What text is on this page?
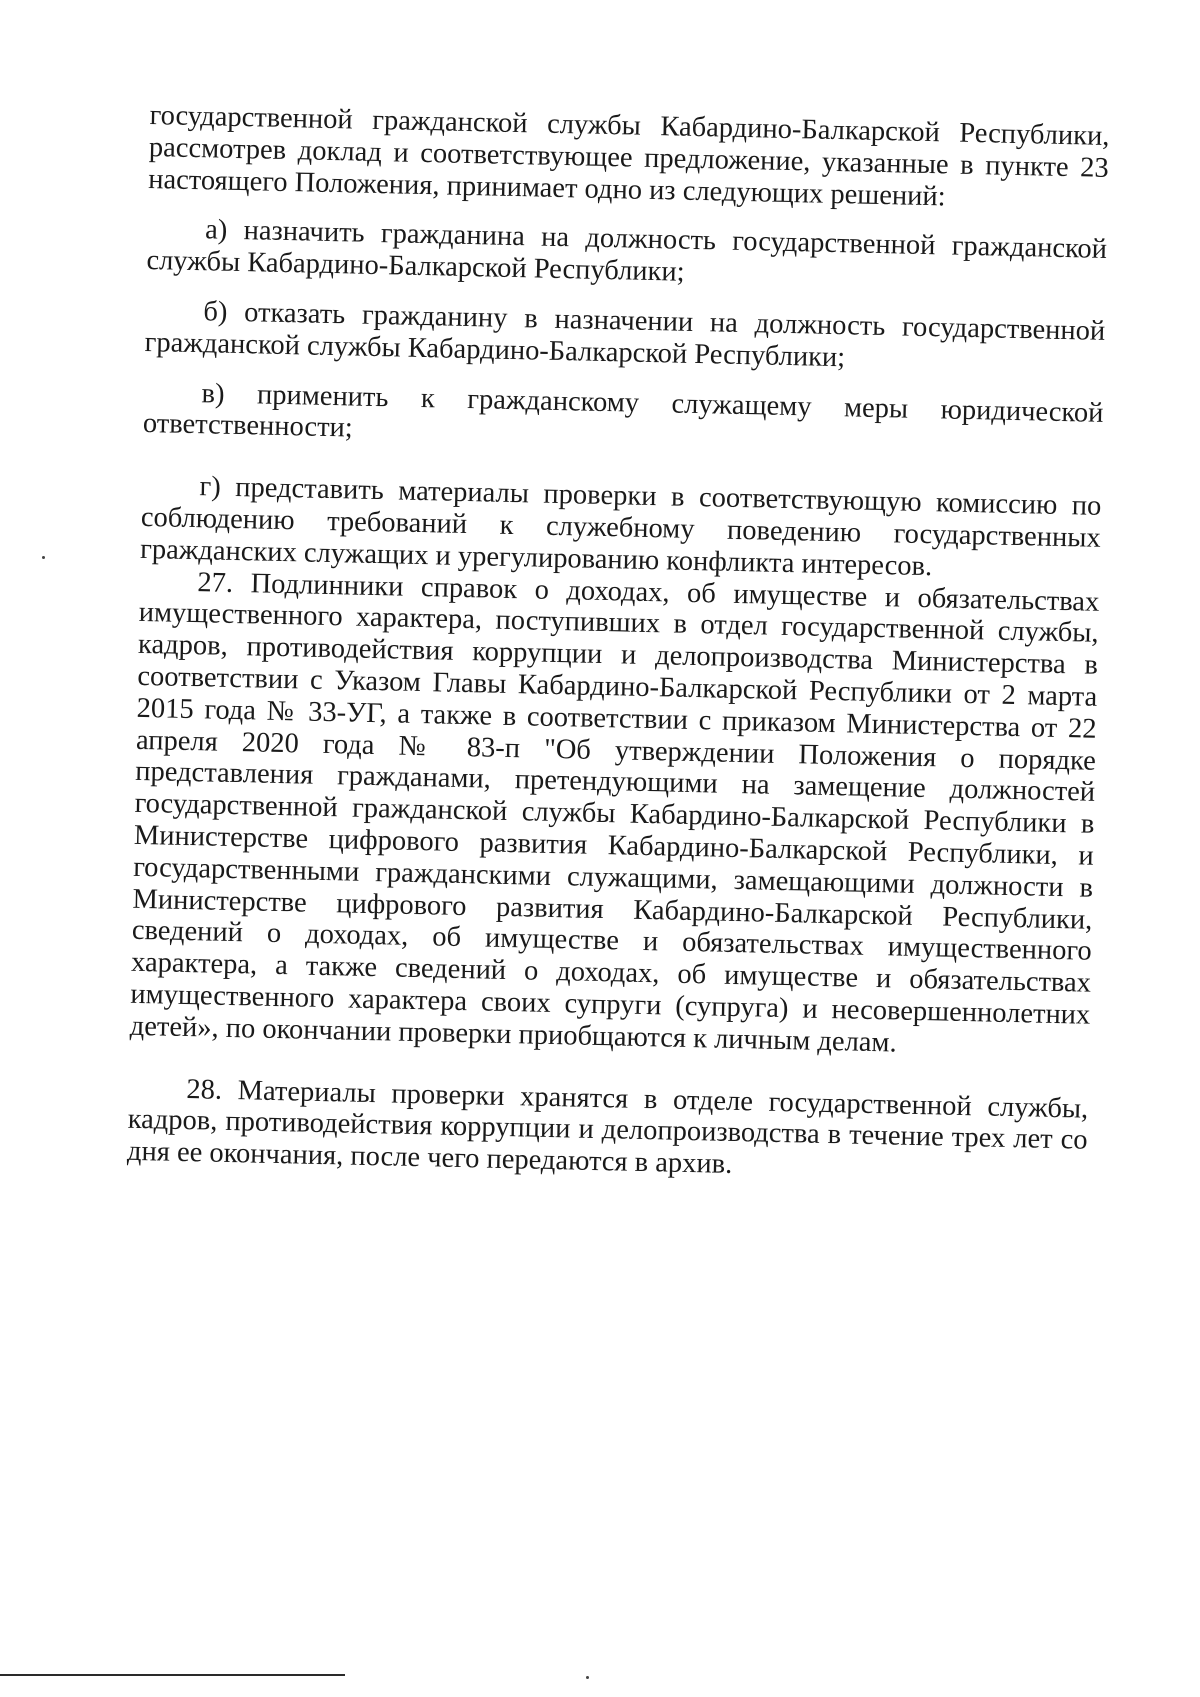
государственной гражданской службы Кабардино-Балкарской Республики, рассмотрев доклад и соответствующее предложение, указанные в пункте 23 настоящего Положения, принимает одно из следующих решений:

а) назначить гражданина на должность государственной гражданской службы Кабардино-Балкарской Республики;

б) отказать гражданину в назначении на должность государственной гражданской службы Кабардино-Балкарской Республики;

в) применить к гражданскому служащему меры юридической ответственности;

г) представить материалы проверки в соответствующую комиссию по соблюдению требований к служебному поведению государственных гражданских служащих и урегулированию конфликта интересов.

27. Подлинники справок о доходах, об имуществе и обязательствах имущественного характера, поступивших в отдел государственной службы, кадров, противодействия коррупции и делопроизводства Министерства в соответствии с Указом Главы Кабардино-Балкарской Республики от 2 марта 2015 года № 33-УГ, а также в соответствии с приказом Министерства от 22 апреля 2020 года № 83-п "Об утверждении Положения о порядке представления гражданами, претендующими на замещение должностей государственной гражданской службы Кабардино-Балкарской Республики в Министерстве цифрового развития Кабардино-Балкарской Республики, и государственными гражданскими служащими, замещающими должности в Министерстве цифрового развития Кабардино-Балкарской Республики, сведений о доходах, об имуществе и обязательствах имущественного характера, а также сведений о доходах, об имуществе и обязательствах имущественного характера своих супруги (супруга) и несовершеннолетних детей», по окончании проверки приобщаются к личным делам.

28. Материалы проверки хранятся в отделе государственной службы, кадров, противодействия коррупции и делопроизводства в течение трех лет со дня ее окончания, после чего передаются в архив.
